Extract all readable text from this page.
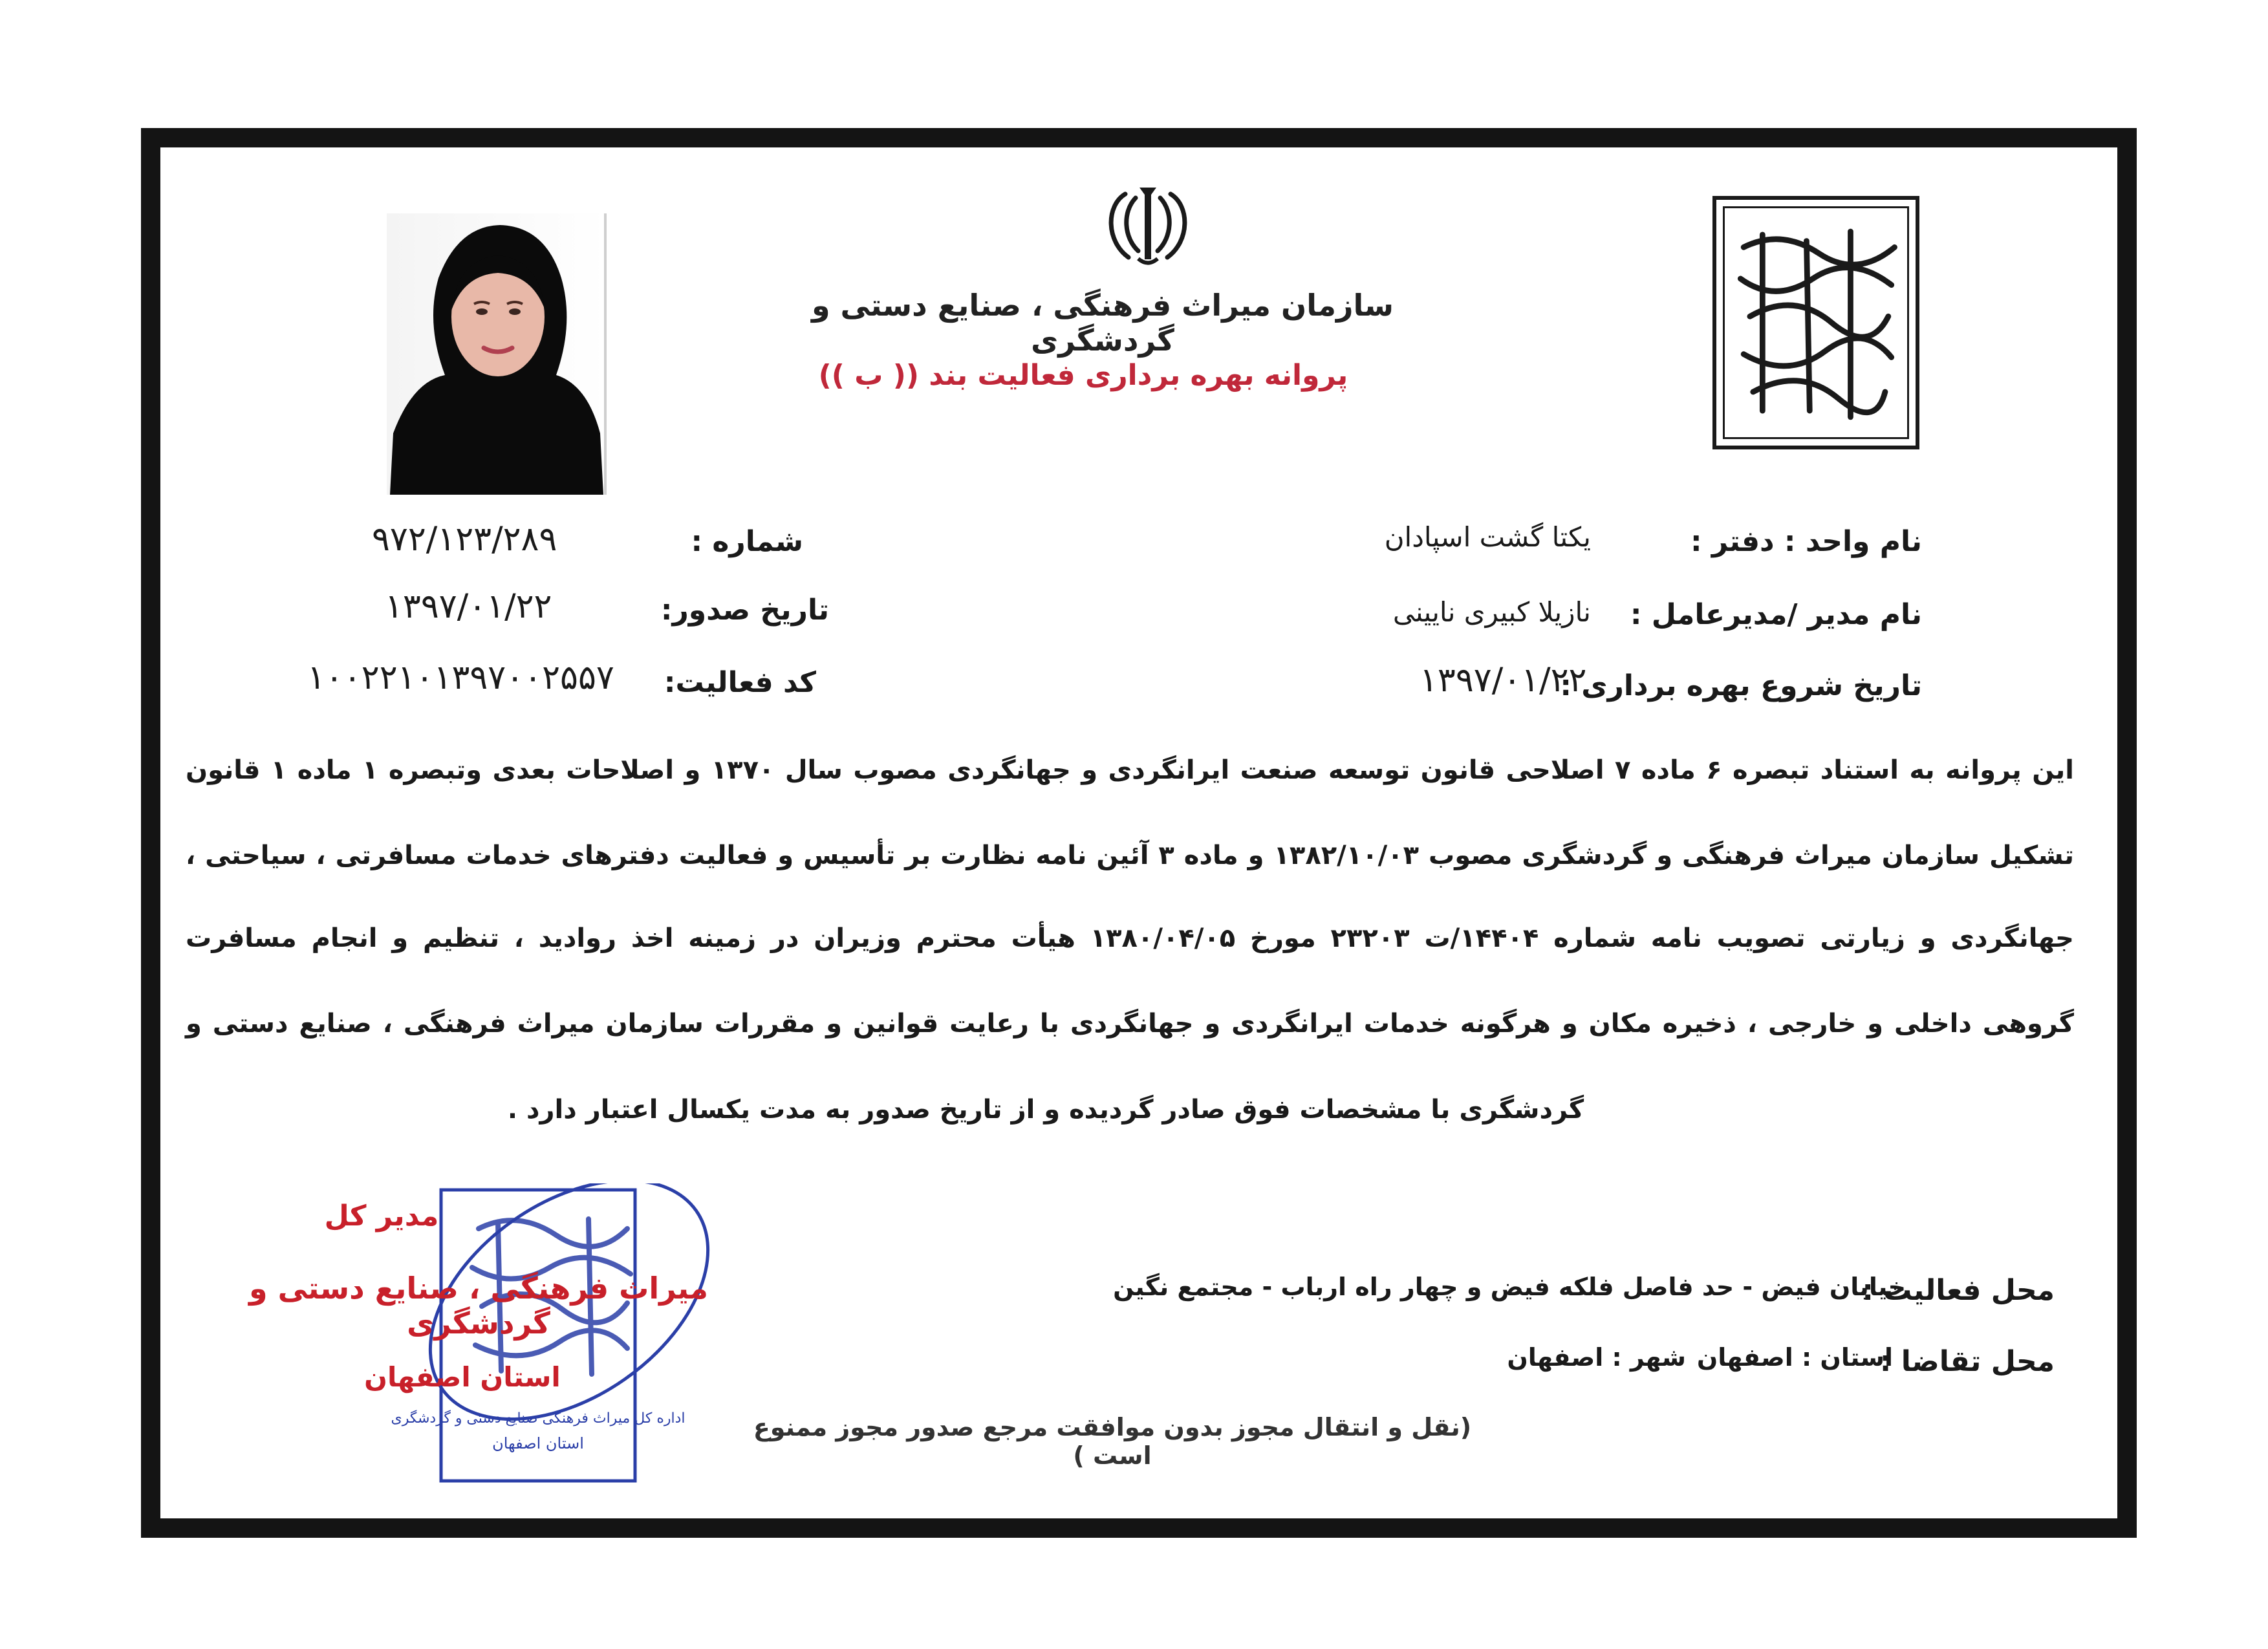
سازمان میراث فرهنگی ، صنایع دستی و گردشگری
پروانه بهره برداری فعالیت بند (( ب ))
شماره :
۹۷۲/۱۲۳/۲۸۹
تاریخ صدور:
۱۳۹۷/۰۱/۲۲
کد فعالیت:
۱۰۰۲۲۱۰۱۳۹۷۰۰۲۵۵۷
نام واحد : دفتر :
یکتا گشت اسپادان
نام مدیر /مدیرعامل :
نازیلا کبیری نایینی
تاریخ شروع بهره برداری :
۱۳۹۷/۰۱/۲۲
این پروانه به استناد تبصره ۶ ماده ۷ اصلاحی قانون توسعه صنعت ایرانگردی و جهانگردی مصوب سال ۱۳۷۰ و اصلاحات بعدی وتبصره ۱ ماده ۱ قانون
تشکیل سازمان میراث فرهنگی و گردشگری مصوب ۱۳۸۲/۱۰/۰۳ و ماده ۳ آئین نامه نظارت بر تأسیس و فعالیت دفترهای خدمات مسافرتی ، سیاحتی ،
جهانگردی و زیارتی تصویب نامه شماره ۱۴۴۰۴/ت ۲۳۲۰۳ مورخ ۱۳۸۰/۰۴/۰۵ هیأت محترم وزیران در زمینه اخذ روادید ، تنظیم و انجام مسافرت
گروهی داخلی و خارجی ، ذخیره مکان و هرگونه خدمات ایرانگردی و جهانگردی با رعایت قوانین و مقررات سازمان میراث فرهنگی ، صنایع دستی و
گردشگری با مشخصات فوق صادر گردیده و از تاریخ صدور به مدت یکسال اعتبار دارد .
محل فعالیت :
خیابان فیض - حد فاصل فلکه فیض و چهار راه ارباب - مجتمع نگین
محل تقاضا :
استان : اصفهان
شهر : اصفهان
(نقل و انتقال مجوز بدون موافقت مرجع صدور مجوز ممنوع است )
اداره کل میراث فرهنگی صنایع دستی و گردشگری
استان اصفهان
مدیر کل
میراث فرهنگی ، صنایع دستی و گردشگری
استان اصفهان
